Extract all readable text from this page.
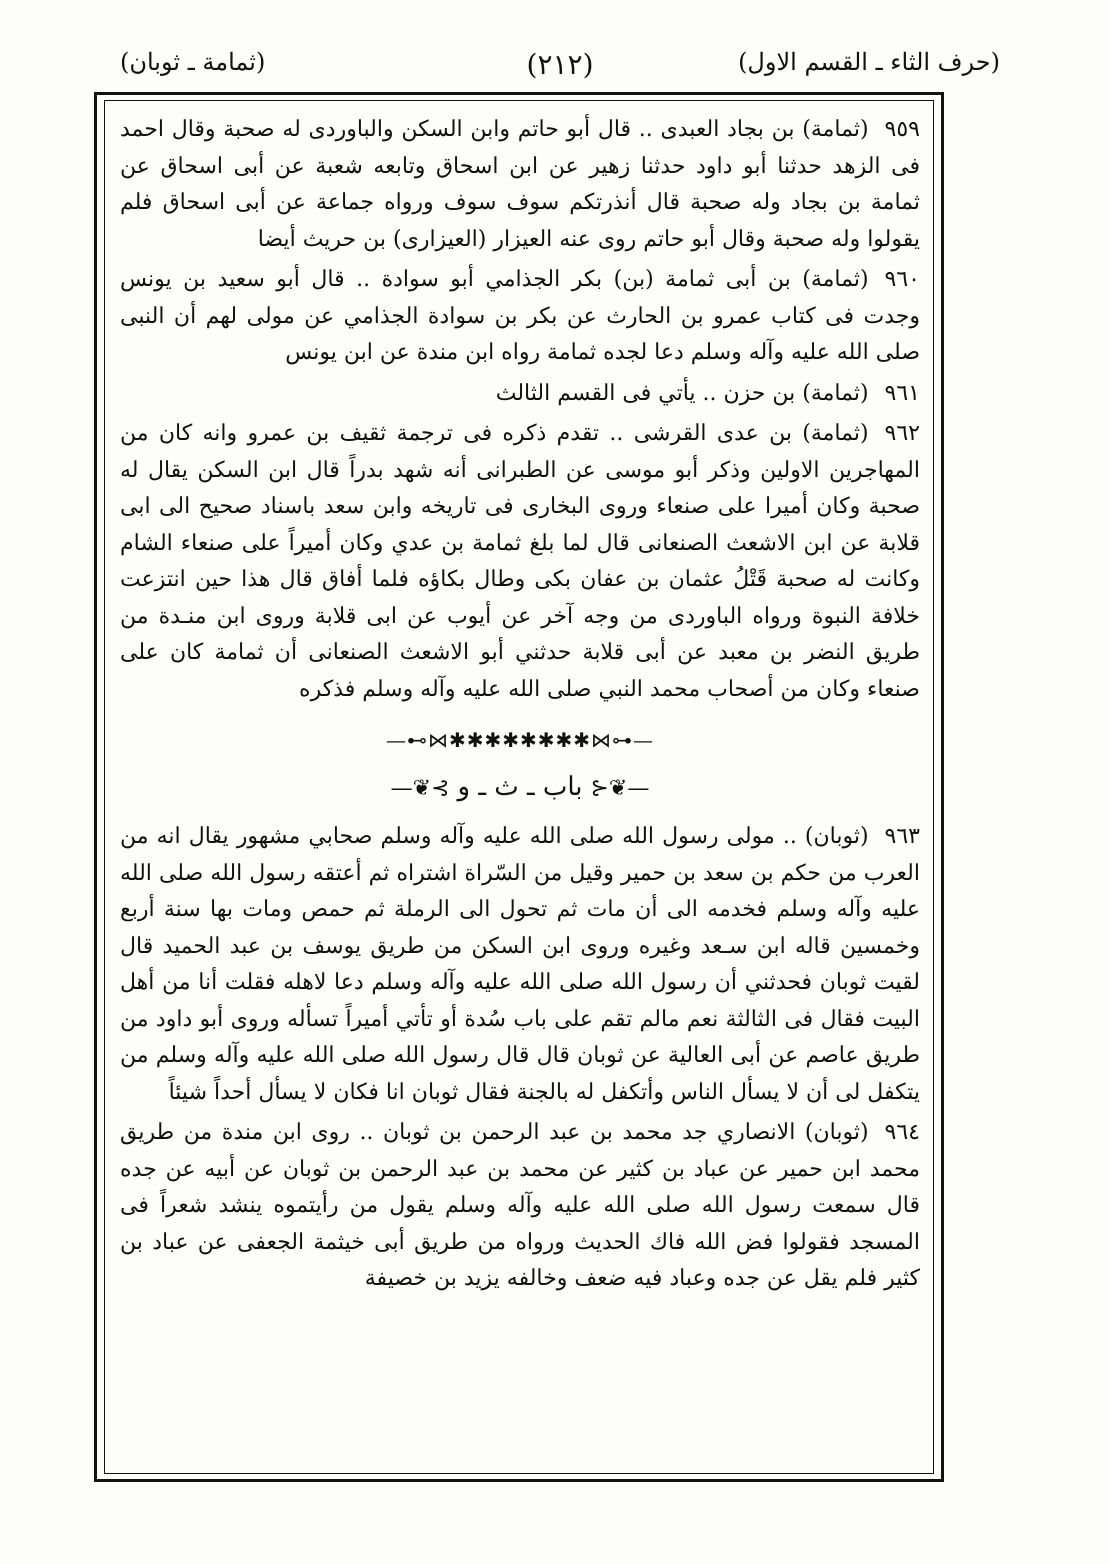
(حرف الثاء ـ القسم الاول)
(٢١٢)
(ثمامة ـ ثوبان)

٩٥٩(ثمامة) بن بجاد العبدى .. قال أبو حاتم وابن السكن والباوردى له صحبة وقال احمد فى الزهد حدثنا أبو داود حدثنا زهير عن ابن اسحاق وتابعه شعبة عن أبى اسحاق عن ثمامة بن بجاد وله صحبة قال أنذرتكم سوف سوف ورواه جماعة عن أبى اسحاق فلم يقولوا وله صحبة وقال أبو حاتم روى عنه العيزار (العيزارى) بن حريث أيضا

٩٦٠(ثمامة) بن أبى ثمامة (بن) بكر الجذامي أبو سوادة .. قال أبو سعيد بن يونس وجدت فى كتاب عمرو بن الحارث عن بكر بن سوادة الجذامي عن مولى لهم أن النبى صلى الله عليه وآله وسلم دعا لجده ثمامة رواه ابن مندة عن ابن يونس

٩٦١(ثمامة) بن حزن .. يأتي فى القسم الثالث

٩٦٢(ثمامة) بن عدى القرشى .. تقدم ذكره فى ترجمة ثقيف بن عمرو وانه كان من المهاجرين الاولين وذكر أبو موسى عن الطبرانى أنه شهد بدراً قال ابن السكن يقال له صحبة وكان أميرا على صنعاء وروى البخارى فى تاريخه وابن سعد باسناد صحيح الى ابى قلابة عن ابن الاشعث الصنعانى قال لما بلغ ثمامة بن عدي وكان أميراً على صنعاء الشام وكانت له صحبة قَتْلُ عثمان بن عفان بكى وطال بكاؤه فلما أفاق قال هذا حين انتزعت خلافة النبوة ورواه الباوردى من وجه آخر عن أيوب عن ابى قلابة وروى ابن منـدة من طريق النضر بن معبد عن أبى قلابة حدثني أبو الاشعث الصنعانى أن ثمامة كان على صنعاء وكان من أصحاب محمد النبي صلى الله عليه وآله وسلم فذكره

—⊷⋈✱✱✱✱✱✱✱✱⋈⊶—
—❦⊰باب ـ ث ـ و⊱❦—

٩٦٣(ثوبان) .. مولى رسول الله صلى الله عليه وآله وسلم صحابي مشهور يقال انه من العرب من حكم بن سعد بن حمير وقيل من السّراة اشتراه ثم أعتقه رسول الله صلى الله عليه وآله وسلم فخدمه الى أن مات ثم تحول الى الرملة ثم حمص ومات بها سنة أربع وخمسين قاله ابن سـعد وغيره وروى ابن السكن من طريق يوسف بن عبد الحميد قال لقيت ثوبان فحدثني أن رسول الله صلى الله عليه وآله وسلم دعا لاهله فقلت أنا من أهل البيت فقال فى الثالثة نعم مالم تقم على باب سُدة أو تأتي أميراً تسأله وروى أبو داود من طريق عاصم عن أبى العالية عن ثوبان قال قال رسول الله صلى الله عليه وآله وسلم من يتكفل لى أن لا يسأل الناس وأتكفل له بالجنة فقال ثوبان انا فكان لا يسأل أحداً شيئاً

٩٦٤(ثوبان) الانصاري جد محمد بن عبد الرحمن بن ثوبان .. روى ابن مندة من طريق محمد ابن حمير عن عباد بن كثير عن محمد بن عبد الرحمن بن ثوبان عن أبيه عن جده قال سمعت رسول الله صلى الله عليه وآله وسلم يقول من رأيتموه ينشد شعراً فى المسجد فقولوا فض الله فاك الحديث ورواه من طريق أبى خيثمة الجعفى عن عباد بن كثير فلم يقل عن جده وعباد فيه ضعف وخالفه يزيد بن خصيفة
